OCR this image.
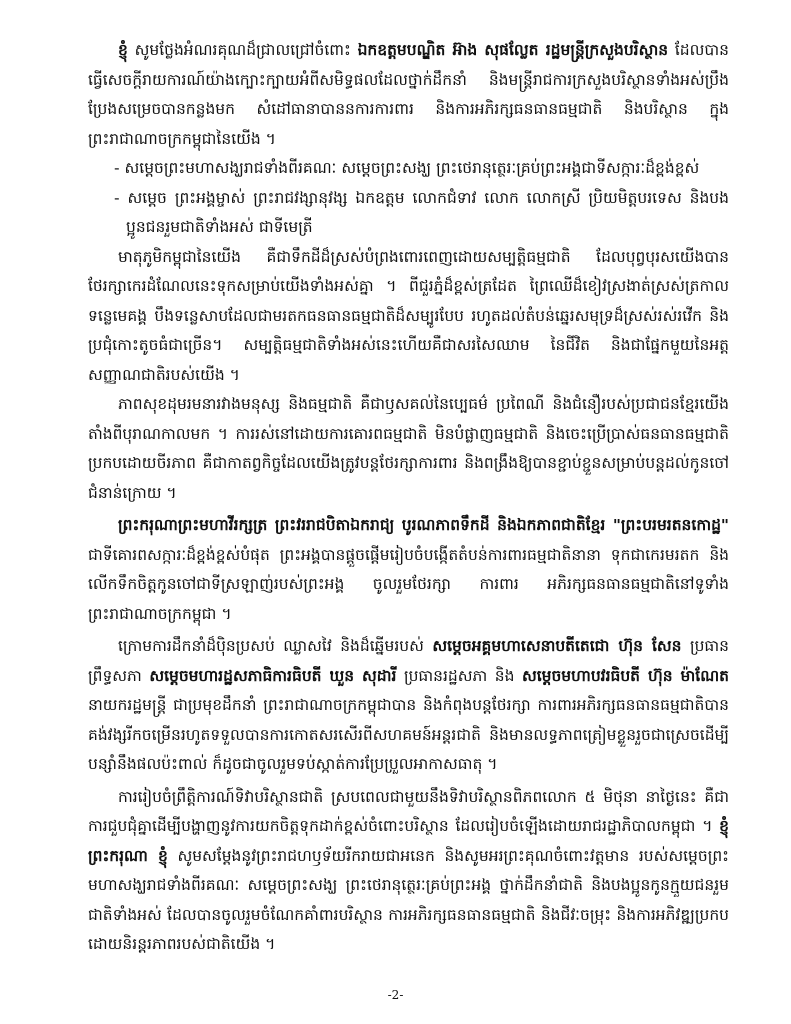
ខ្ញុំ សូមថ្លែងអំណរគុណដ៏ជ្រាលជ្រៅចំពោះ ឯកឧត្តមបណ្ឌិត អ៊ាង សុផល្លែត រដ្ឋមន្ត្រីក្រសួងបរិស្ថាន ដែលបានធ្វើសេចក្តីរាយការណ៍យ៉ាងក្បោះក្បាយអំពីសមិទ្ធផលដែលថ្នាក់ដឹកនាំ និងមន្ត្រីរាជការក្រសួងបរិស្ថានទាំងអស់ប្រឹងប្រែងសម្រេចបានកន្លងមក សំដៅធានាបាននការការពារ និងការអភិរក្សធនធានធម្មជាតិ និងបរិស្ថាន ក្នុងព្រះរាជាណាចក្រកម្ពុជានៃយើង ។

- សម្តេចព្រះមហាសង្ឃរាជទាំងពីរគណៈ សម្តេចព្រះសង្ឃ ព្រះថេរានុត្ថេរៈគ្រប់ព្រះអង្គជាទីសក្ការៈដ៏ខ្ពង់ខ្ពស់
- សម្តេច ព្រះអង្គម្ចាស់ ព្រះរាជវង្សានុវង្ស ឯកឧត្តម លោកជំទាវ លោក លោកស្រី ប្រិយមិត្តបរទេស និងបងប្អូនជនរួមជាតិទាំងអស់ ជាទីមេត្រី

មាតុភូមិកម្ពុជានៃយើង គឺជាទឹកដីដ៏ស្រស់បំព្រងពោរពេញដោយសម្បត្តិធម្មជាតិ ដែលបុព្វបុរសយើងបានថែរក្សាកេរដំណែលនេះទុកសម្រាប់យើងទាំងអស់គ្នា ។ ពីជួរភ្នំដ៏ខ្ពស់ត្រដែត ព្រៃឈើដ៏ខៀវស្រងាត់ស្រស់ត្រកាល ទន្លេមេគង្គ បឹងទន្លេសាបដែលជាមរតកធនធានធម្មជាតិដ៏សម្បូរបែប រហូតដល់តំបន់ឆ្នេរសមុទ្រដ៏ស្រស់រស់រវើក និងប្រជុំកោះតូចធំជាច្រើន។ សម្បត្តិធម្មជាតិទាំងអស់នេះហើយគឺជាសរសៃឈាម នៃជីវិត និងជាផ្នែកមួយនៃអត្តសញ្ញាណជាតិរបស់យើង ។

ភាពសុខដុមរមនារវាងមនុស្ស និងធម្មជាតិ គឺជាឫសគល់នៃប្បេធម៌ ប្រពៃណី និងជំនឿរបស់ប្រជាជនខ្មែរយើងតាំងពីបុរាណកាលមក ។ ការរស់នៅដោយការគោរពធម្មជាតិ មិនបំផ្លាញធម្មជាតិ និងចេះប្រើប្រាស់ធនធានធម្មជាតិប្រកបដោយចីរភាព គឺជាកាតព្វកិច្ចដែលយើងត្រូវបន្តថែរក្សាការពារ និងពង្រឹងឱ្យបានខ្ជាប់ខ្ជួនសម្រាប់បន្តដល់កូនចៅជំនាន់ក្រោយ ។

ព្រះករុណាព្រះមហាវីរក្សត្រ ព្រះវររាជបិតាឯករាជ្យ បូរណភាពទឹកដី និងឯកភាពជាតិខ្មែរ "ព្រះបរមរតនកោដ្ឋ" ជាទីគោរពសក្ការៈដ៏ខ្ពង់ខ្ពស់បំផុត ព្រះអង្គបានផ្តួចផ្តើមរៀបចំបង្កើតតំបន់ការពារធម្មជាតិនានា ទុកជាកេរមរតក និងលើកទឹកចិត្តកូនចៅជាទីស្រឡាញ់របស់ព្រះអង្គ ចូលរួមថែរក្សា ការពារ អភិរក្សធនធានធម្មជាតិនៅទូទាំងព្រះរាជាណាចក្រកម្ពុជា ។

ក្រោមការដឹកនាំដ៏ប៉ិនប្រសប់ ឈ្លាសវៃ និងដ៏ឆ្នើមរបស់ សម្តេចអគ្គមហាសេនាបតីតេជោ ហ៊ុន សែន ប្រធានព្រឹទ្ធសភា សម្តេចមហារដ្ឋសភាធិការធិបតី ឃួន សុដារី ប្រធានរដ្ឋសភា និង សម្តេចមហាបវរធិបតី ហ៊ុន ម៉ាណែត នាយករដ្ឋមន្ត្រី ជាប្រមុខដឹកនាំ ព្រះរាជាណាចក្រកម្ពុជាបាន និងកំពុងបន្តថែរក្សា ការពារអភិរក្សធនធានធម្មជាតិបានគង់វង្សរីកចម្រើនរហូតទទួលបានការកោតសរសើរពីសហគមន៍អន្តរជាតិ និងមានលទ្ធភាពត្រៀមខ្លួនរួចជាស្រេចដើម្បីបន្សាំនឹងផលប៉ះពាល់ ក៏ដូចជាចូលរួមទប់ស្កាត់ការប្រែប្រួលអាកាសធាតុ ។

ការរៀបចំព្រឹត្តិការណ៍ទិវាបរិស្ថានជាតិ ស្របពេលជាមួយនឹងទិវាបរិស្ថានពិភពលោក ៥ មិថុនា នាថ្ងៃនេះ គឺជាការជួបជុំគ្នាដើម្បីបង្ហាញនូវការយកចិត្តទុកដាក់ខ្ពស់ចំពោះបរិស្ថាន ដែលរៀបចំឡើងដោយរាជរដ្ឋាភិបាលកម្ពុជា ។ ខ្ញុំព្រះករុណា ខ្ញុំ សូមសម្តែងនូវព្រះរាជហឫទ័យរីករាយជាអនេក និងសូមអរព្រះគុណចំពោះវត្តមាន របស់សម្តេចព្រះមហាសង្ឃរាជទាំងពីរគណៈ សម្តេចព្រះសង្ឃ ព្រះថេរានុត្ថេរៈគ្រប់ព្រះអង្គ ថ្នាក់ដឹកនាំជាតិ និងបងប្អូនកូនក្មួយជនរួមជាតិទាំងអស់ ដែលបានចូលរួមចំណែកគាំពារបរិស្ថាន ការអភិរក្សធនធានធម្មជាតិ និងជីវៈចម្រុះ និងការអភិវឌ្ឍប្រកបដោយនិរន្តរភាពរបស់ជាតិយើង ។

-2-
